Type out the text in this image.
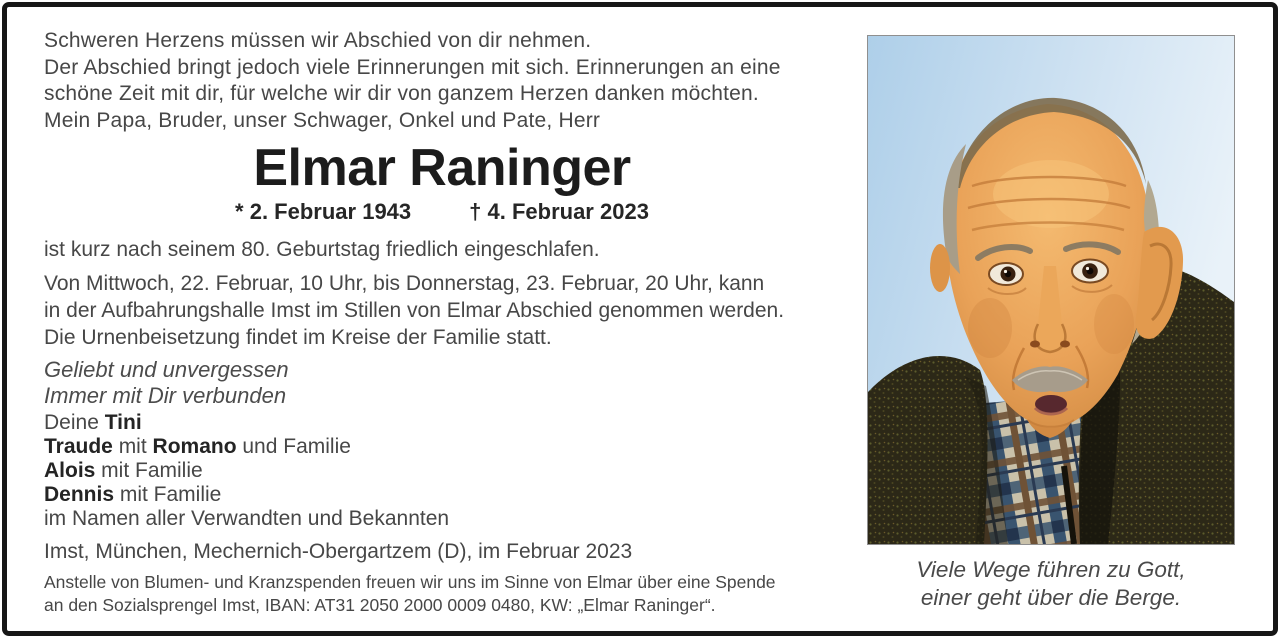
Schweren Herzens müssen wir Abschied von dir nehmen.
Der Abschied bringt jedoch viele Erinnerungen mit sich. Erinnerungen an eine
schöne Zeit mit dir, für welche wir dir von ganzem Herzen danken möchten.
Mein Papa, Bruder, unser Schwager, Onkel und Pate, Herr
Elmar Raninger
* 2. Februar 1943	† 4. Februar 2023
ist kurz nach seinem 80. Geburtstag friedlich eingeschlafen.
Von Mittwoch, 22. Februar, 10 Uhr, bis Donnerstag, 23. Februar, 20 Uhr, kann
in der Aufbahrungshalle Imst im Stillen von Elmar Abschied genommen werden.
Die Urnenbeisetzung findet im Kreise der Familie statt.
Geliebt und unvergessen
Immer mit Dir verbunden
Deine Tini
Traude mit Romano und Familie
Alois mit Familie
Dennis mit Familie
im Namen aller Verwandten und Bekannten
Imst, München, Mechernich-Obergartzem (D), im Februar 2023
Anstelle von Blumen- und Kranzspenden freuen wir uns im Sinne von Elmar über eine Spende
an den Sozialsprengel Imst, IBAN: AT31 2050 2000 0009 0480, KW: „Elmar Raninger“.
Viele Wege führen zu Gott,
einer geht über die Berge.
